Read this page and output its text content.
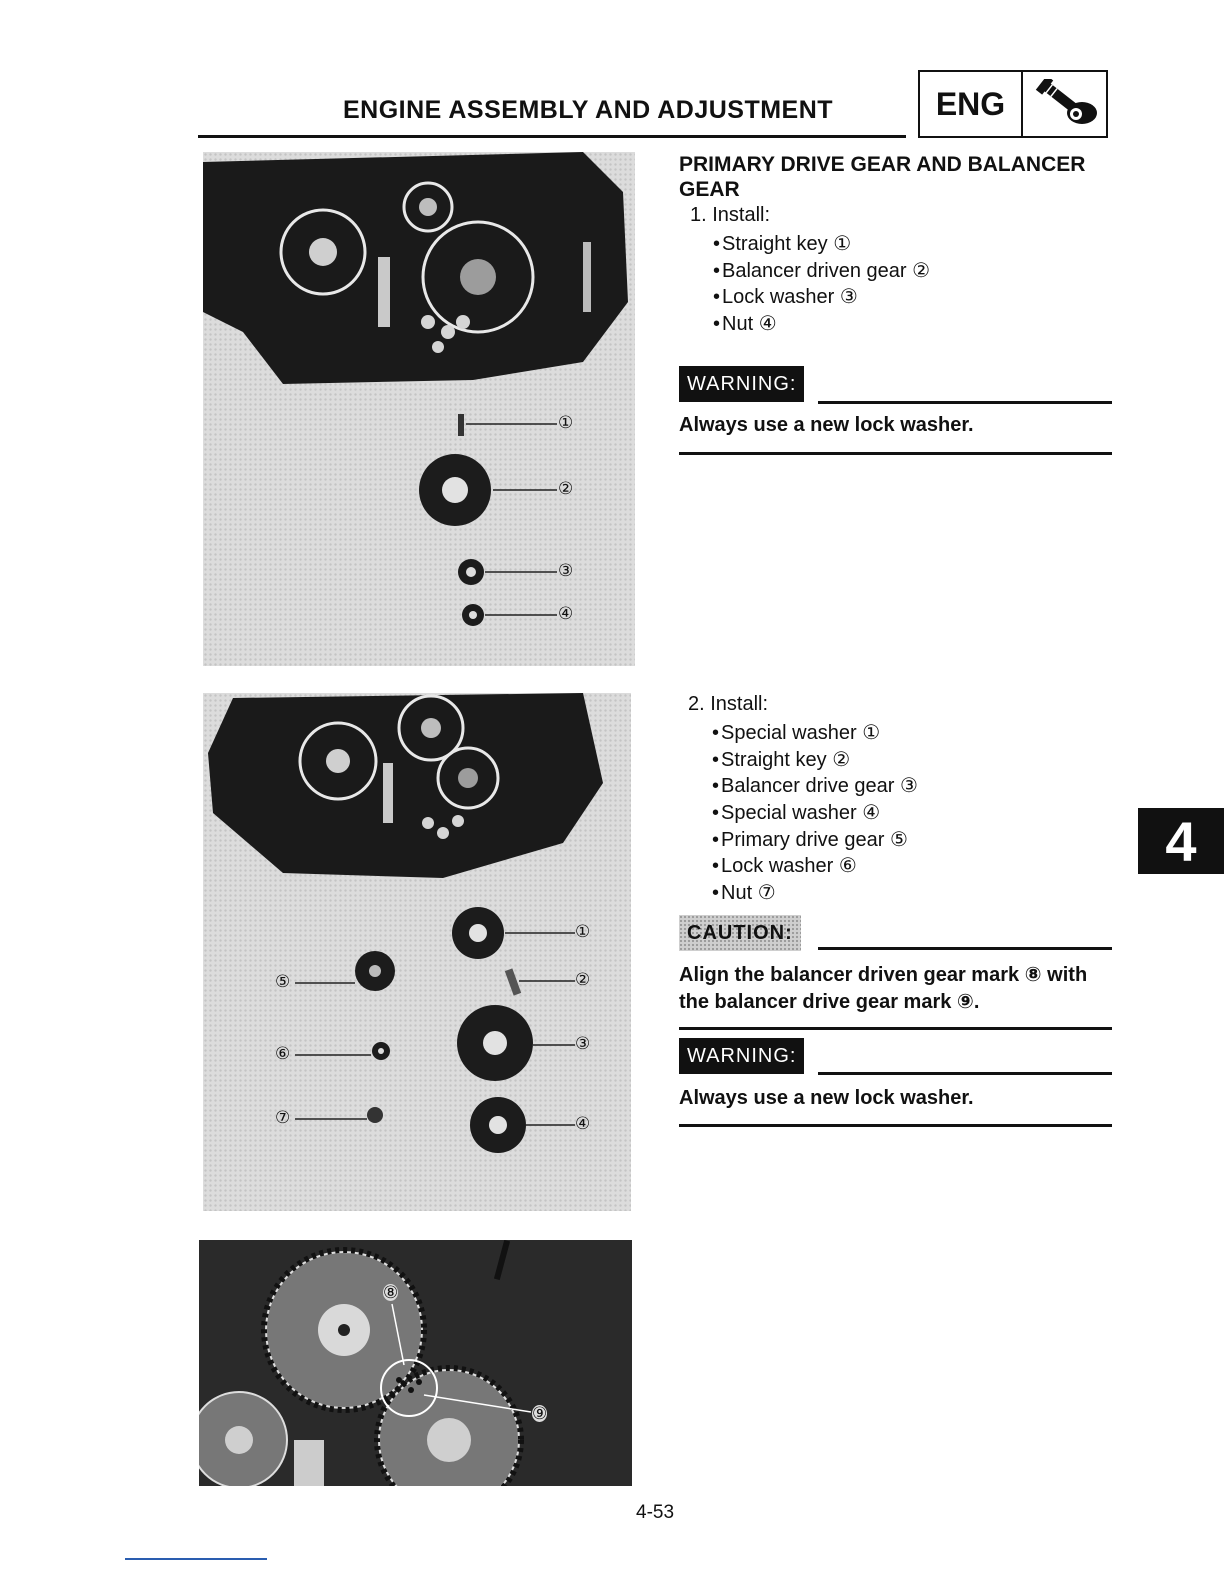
ENGINE ASSEMBLY AND ADJUSTMENT	ENG
①
②
③
④
①
②
③
④
⑤
⑥
⑦
⑧
⑨
PRIMARY DRIVE GEAR AND BALANCER GEAR
1. Install:
• Straight key ①
• Balancer driven gear ②
• Lock washer ③
• Nut ④
WARNING:
Always use a new lock washer.
2. Install:
• Special washer ①
• Straight key ②
• Balancer drive gear ③
• Special washer ④
• Primary drive gear ⑤
• Lock washer ⑥
• Nut ⑦
CAUTION:
Align the balancer driven gear mark ⑧ with
the balancer drive gear mark ⑨.
WARNING:
Always use a new lock washer.
4
4-53
